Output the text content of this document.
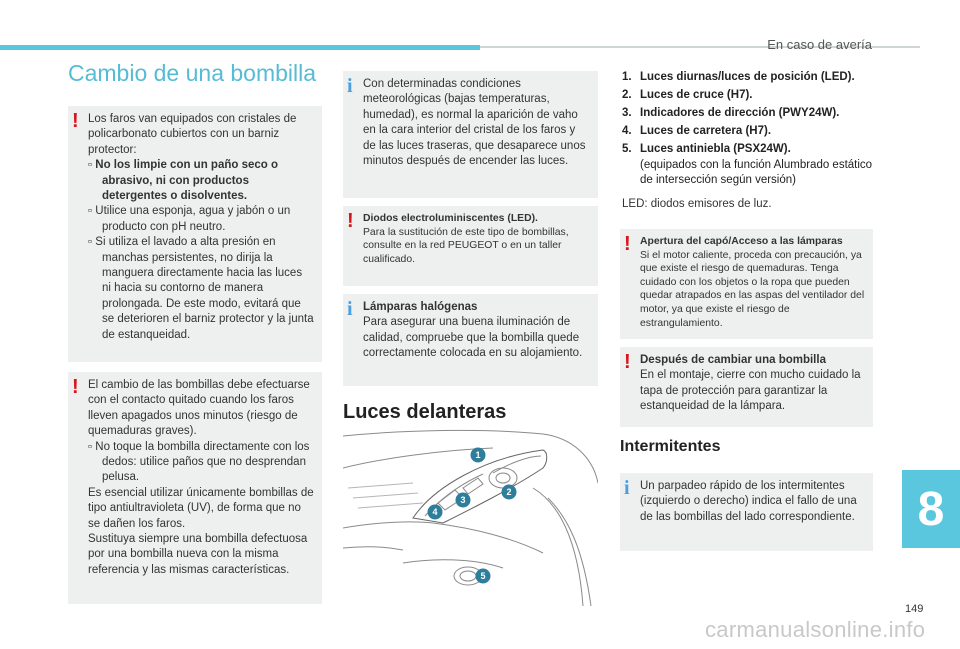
En caso de avería
8
149
carmanualsonline.info
Cambio de una bombilla
! Los faros van equipados con cristales de policarbonato cubiertos con un barniz protector:

▫ No los limpie con un paño seco o abrasivo, ni con productos detergentes o disolventes.

▫ Utilice una esponja, agua y jabón o un producto con pH neutro.

▫ Si utiliza el lavado a alta presión en manchas persistentes, no dirija la manguera directamente hacia las luces ni hacia su contorno de manera prolongada. De este modo, evitará que se deterioren el barniz protector y la junta de estanqueidad.

! El cambio de las bombillas debe efectuarse con el contacto quitado cuando los faros lleven apagados unos minutos (riesgo de quemaduras graves).

▫ No toque la bombilla directamente con los dedos: utilice paños que no desprendan pelusa.

Es esencial utilizar únicamente bombillas de tipo antiultravioleta (UV), de forma que no se dañen los faros.

Sustituya siempre una bombilla defectuosa por una bombilla nueva con la misma referencia y las mismas características.

i Con determinadas condiciones meteorológicas (bajas temperaturas, humedad), es normal la aparición de vaho en la cara interior del cristal de los faros y de las luces traseras, que desaparece unos minutos después de encender las luces.

! Diodos electroluminiscentes (LED).

Para la sustitución de este tipo de bombillas, consulte en la red PEUGEOT o en un taller cualificado.

i Lámparas halógenas

Para asegurar una buena iluminación de calidad, compruebe que la bombilla quede correctamente colocada en su alojamiento.

Luces delanteras
1
2
3
4
5
1. Luces diurnas/luces de posición (LED).
2. Luces de cruce (H7).
3. Indicadores de dirección (PWY24W).
4. Luces de carretera (H7).
5. Luces antiniebla (PSX24W).
(equipados con la función Alumbrado estático de intersección según versión)
LED: diodos emisores de luz.
! Apertura del capó/Acceso a las lámparas

Si el motor caliente, proceda con precaución, ya que existe el riesgo de quemaduras. Tenga cuidado con los objetos o la ropa que pueden quedar atrapados en las aspas del ventilador del motor, ya que existe el riesgo de estrangulamiento.

! Después de cambiar una bombilla

En el montaje, cierre con mucho cuidado la tapa de protección para garantizar la estanqueidad de la lámpara.

Intermitentes
i Un parpadeo rápido de los intermitentes (izquierdo o derecho) indica el fallo de una de las bombillas del lado correspondiente.
